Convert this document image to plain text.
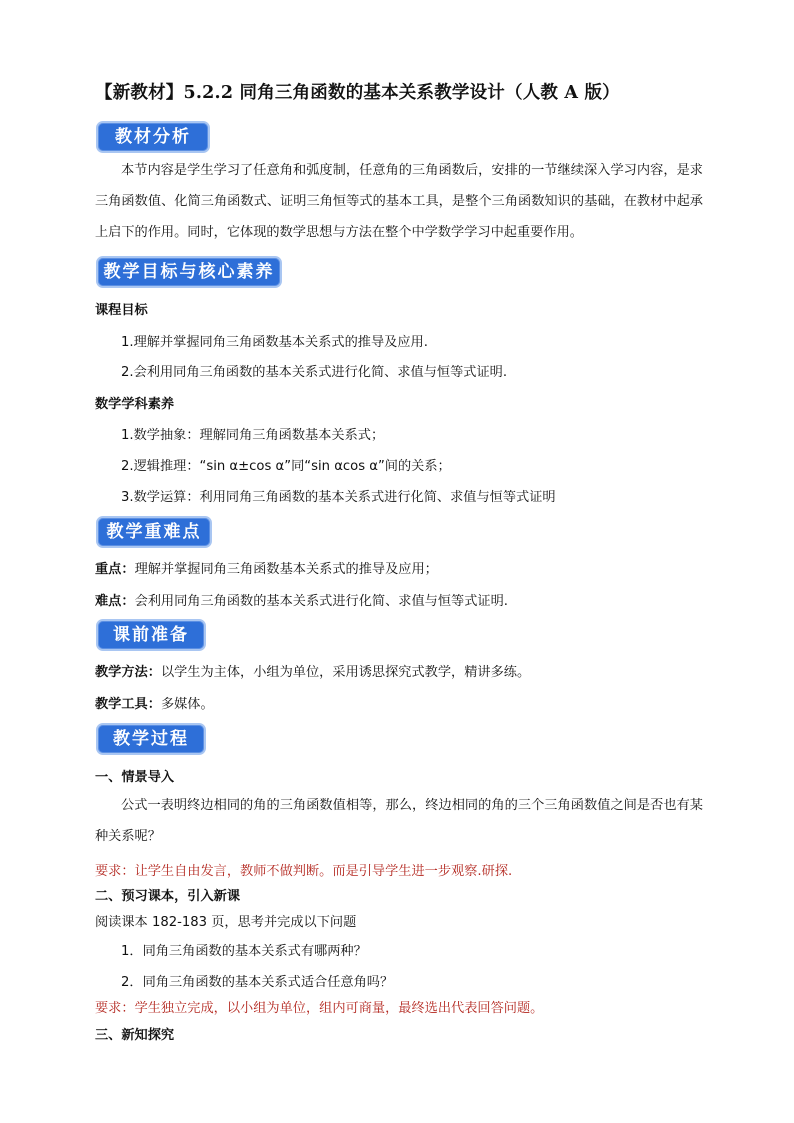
【新教材】5.2.2 同角三角函数的基本关系教学设计（人教 A 版）
教材分析
本节内容是学生学习了任意角和弧度制，任意角的三角函数后，安排的一节继续深入学习内容，是求三角函数值、化简三角函数式、证明三角恒等式的基本工具，是整个三角函数知识的基础，在教材中起承上启下的作用。同时，它体现的数学思想与方法在整个中学数学学习中起重要作用。
教学目标与核心素养
课程目标
1.理解并掌握同角三角函数基本关系式的推导及应用.
2.会利用同角三角函数的基本关系式进行化简、求值与恒等式证明.
数学学科素养
1.数学抽象：理解同角三角函数基本关系式；
2.逻辑推理：“sin α±cos α”同“sin αcos α”间的关系；
3.数学运算：利用同角三角函数的基本关系式进行化简、求值与恒等式证明
教学重难点
重点：理解并掌握同角三角函数基本关系式的推导及应用；
难点：会利用同角三角函数的基本关系式进行化简、求值与恒等式证明.
课前准备
教学方法：以学生为主体，小组为单位，采用诱思探究式教学，精讲多练。
教学工具：多媒体。
教学过程
一、情景导入
公式一表明终边相同的角的三角函数值相等，那么，终边相同的角的三个三角函数值之间是否也有某种关系呢？
要求：让学生自由发言，教师不做判断。而是引导学生进一步观察.研探.
二、预习课本，引入新课
阅读课本 182-183 页，思考并完成以下问题
1．同角三角函数的基本关系式有哪两种？
2．同角三角函数的基本关系式适合任意角吗？
要求：学生独立完成，以小组为单位，组内可商量，最终选出代表回答问题。
三、新知探究
